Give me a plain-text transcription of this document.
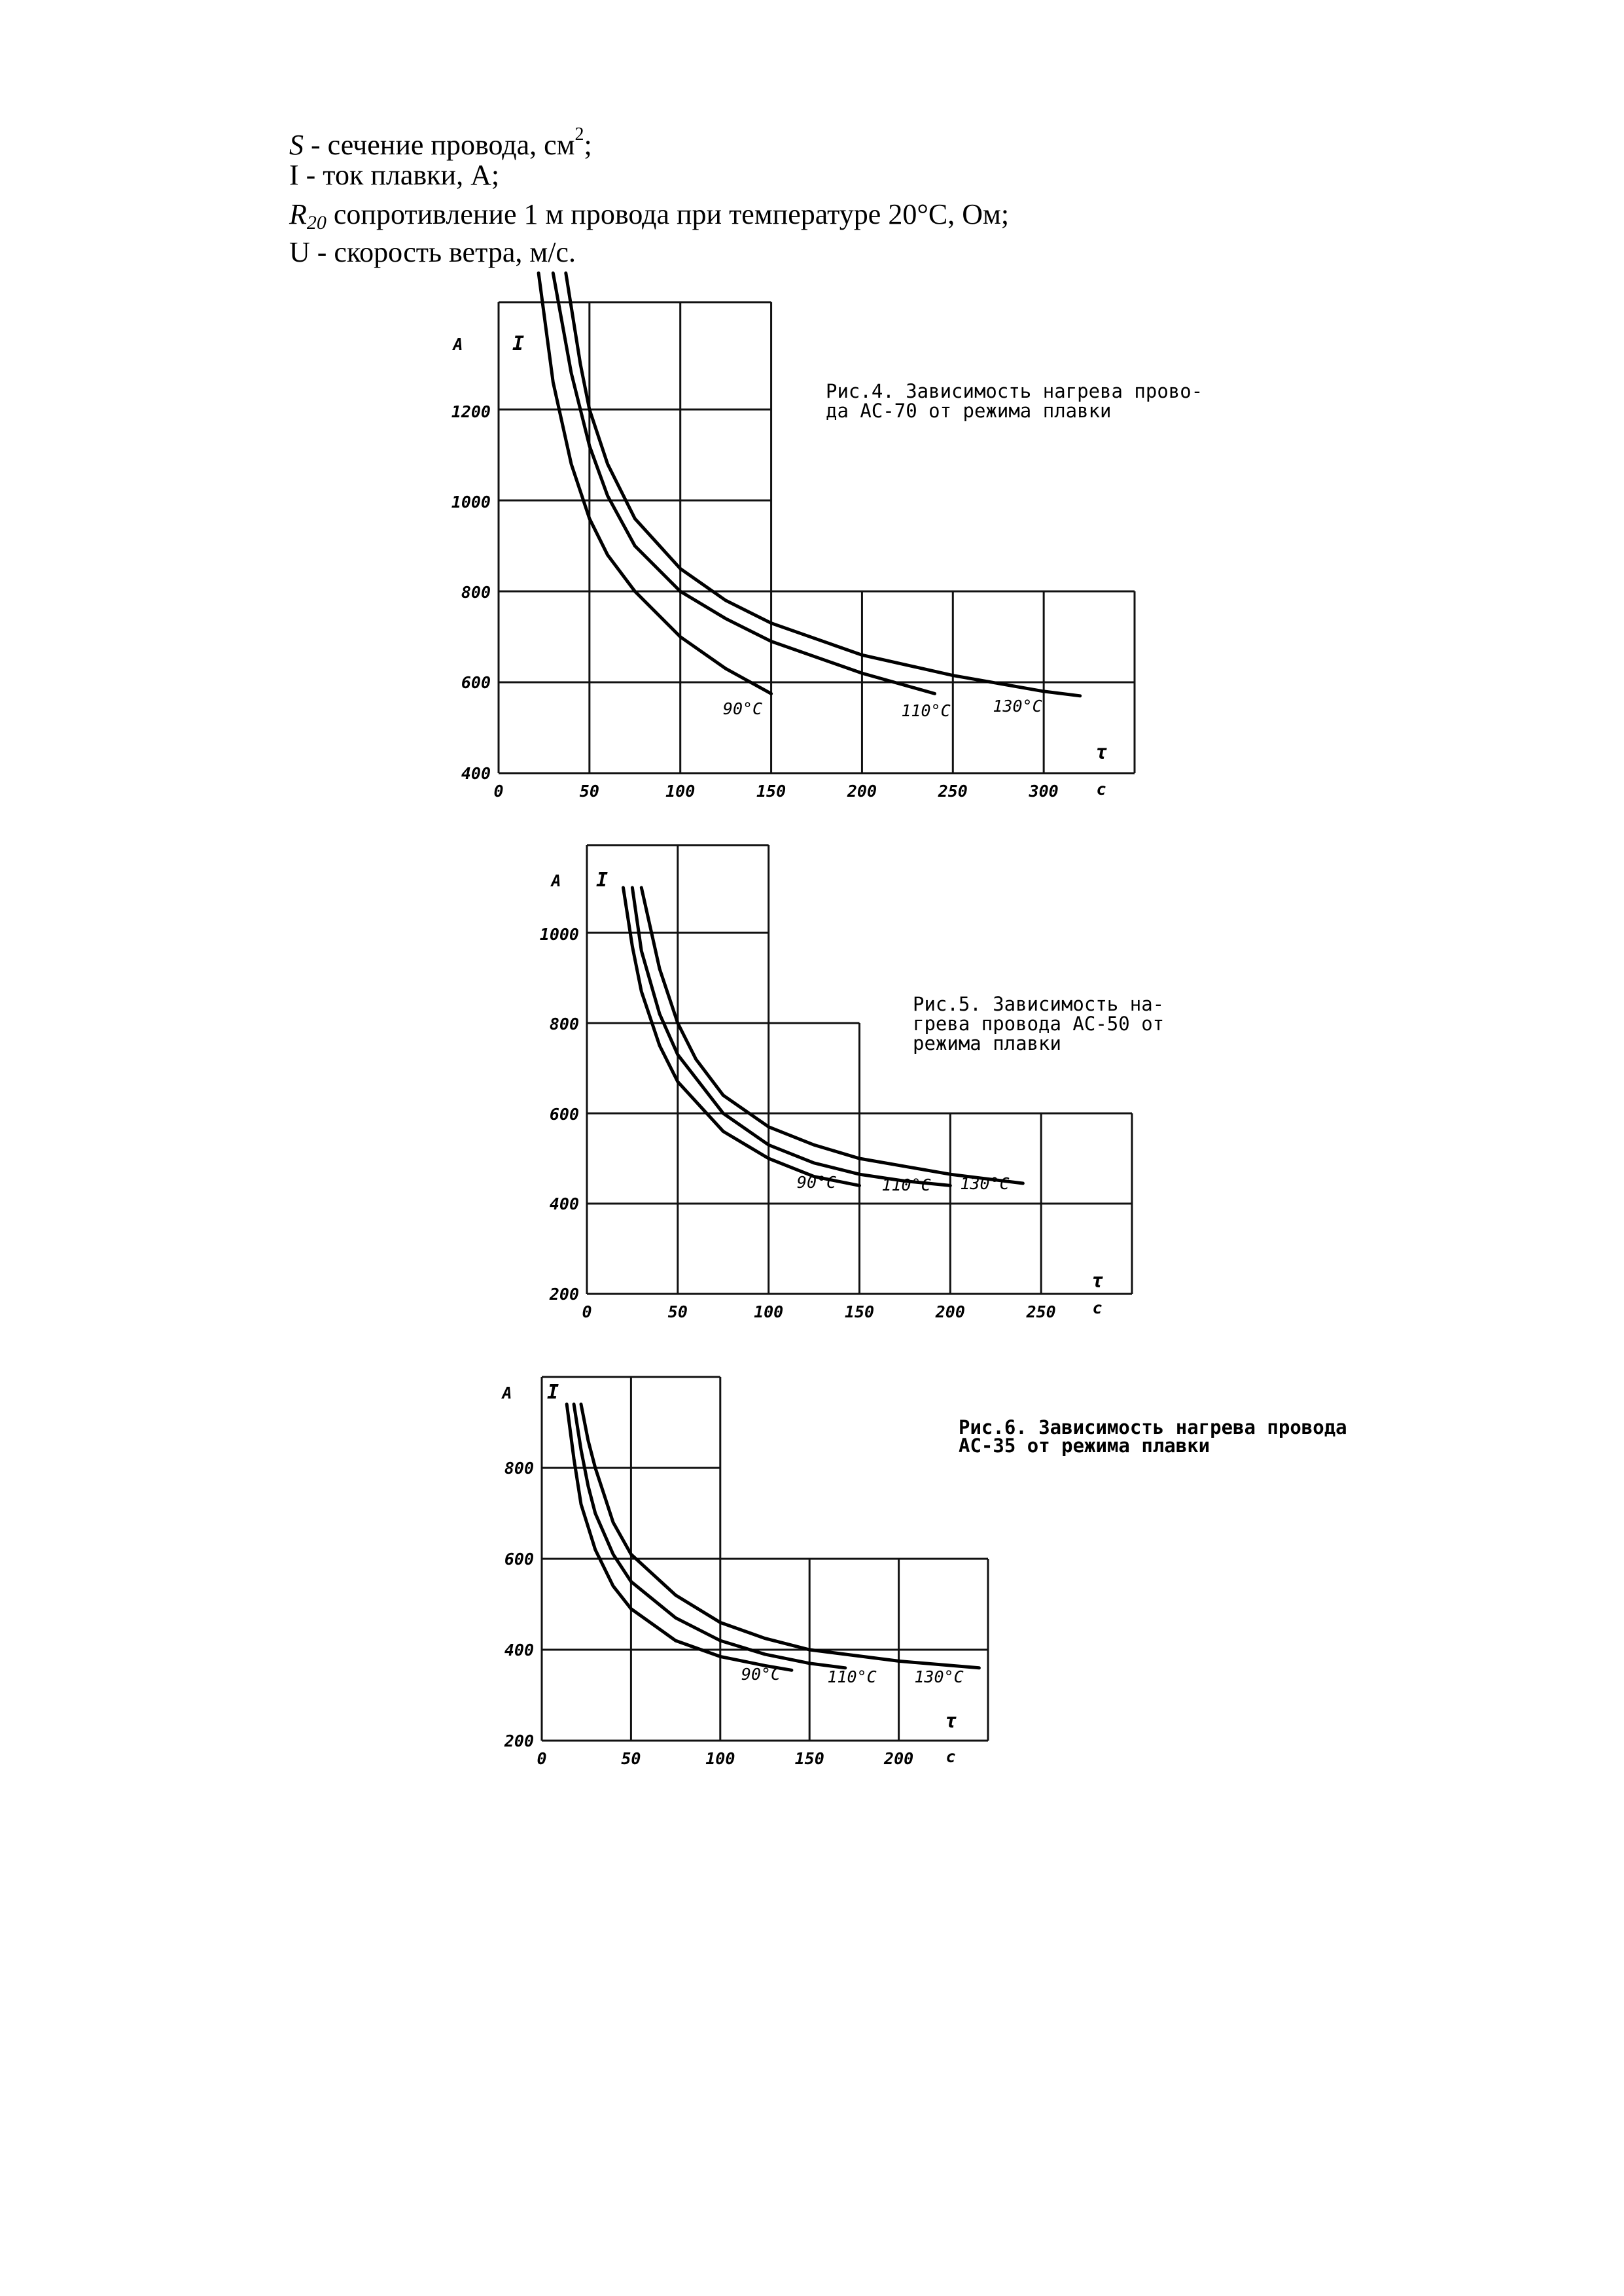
S - сечение провода, $см^2$;
I - ток плавки, А;
$R_{20}$ сопротивление 1 м провода при температуре 20°С, Ом;
U - скорость ветра, м/с.
400
600
800
1000
1200
0	50	100	150	200	250	300
A	I
τ
с
90°C	110°C	130°C
Рис.4. Зависимость нагрева прово-
да АС-70 от режима плавки
200
400
600
800
1000
0	50	100	150	200	250
A I
τ
с
90°C	110°C 130°C
Рис.5. Зависимость на-
грева провода АС-50 от
режима плавки
200
400
600
800
0	50	100	150	200
A I
τ
с
90°C	110°C 130°C
Рис.6. Зависимость нагрева провода
АС-35 от режима плавки
